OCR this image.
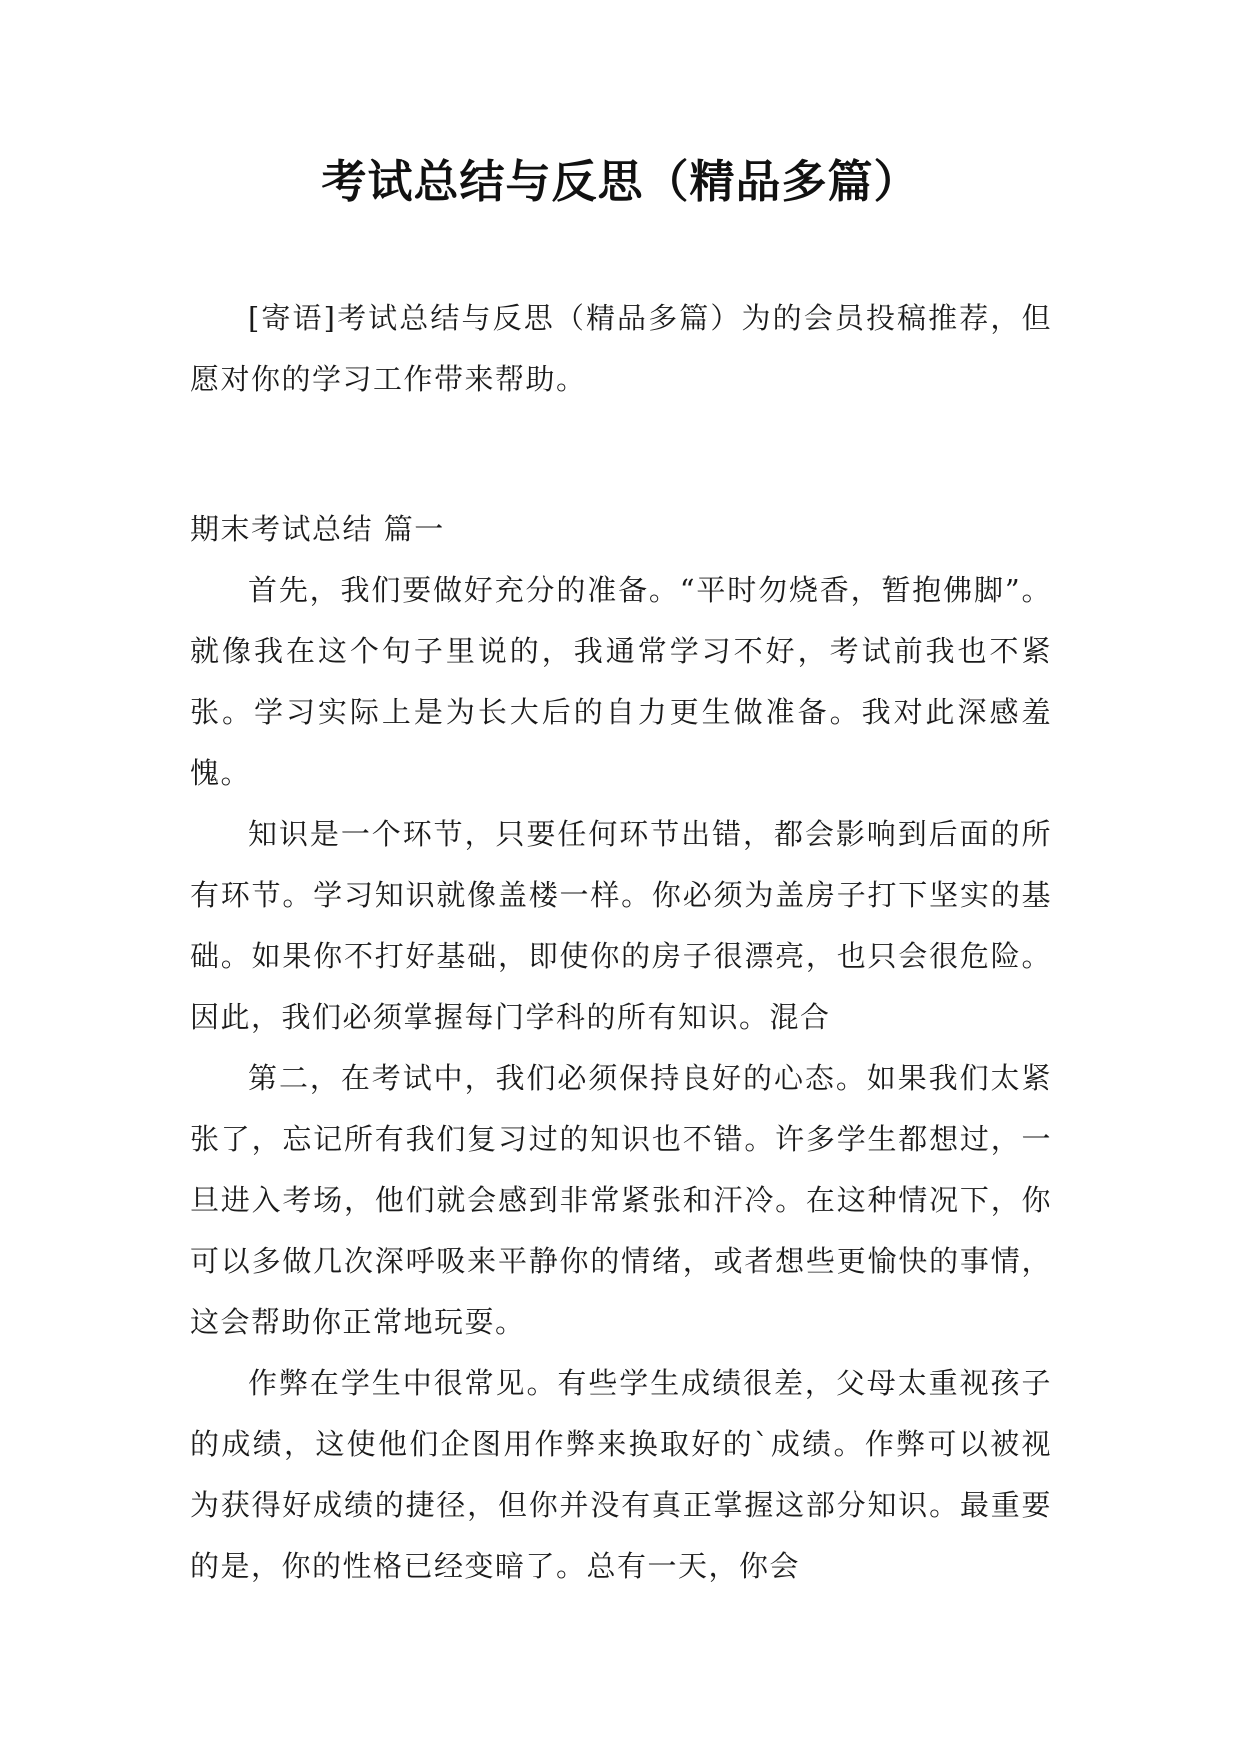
考试总结与反思（精品多篇）

[寄语]考试总结与反思（精品多篇）为的会员投稿推荐，但愿对你的学习工作带来帮助。

期末考试总结 篇一

首先，我们要做好充分的准备。“平时勿烧香，暂抱佛脚”。就像我在这个句子里说的，我通常学习不好，考试前我也不紧张。学习实际上是为长大后的自力更生做准备。我对此深感羞愧。

知识是一个环节，只要任何环节出错，都会影响到后面的所有环节。学习知识就像盖楼一样。你必须为盖房子打下坚实的基础。如果你不打好基础，即使你的房子很漂亮，也只会很危险。因此，我们必须掌握每门学科的所有知识。混合

第二，在考试中，我们必须保持良好的心态。如果我们太紧张了，忘记所有我们复习过的知识也不错。许多学生都想过，一旦进入考场，他们就会感到非常紧张和汗冷。在这种情况下，你可以多做几次深呼吸来平静你的情绪，或者想些更愉快的事情，这会帮助你正常地玩耍。

作弊在学生中很常见。有些学生成绩很差，父母太重视孩子的成绩，这使他们企图用作弊来换取好的`成绩。作弊可以被视为获得好成绩的捷径，但你并没有真正掌握这部分知识。最重要的是，你的性格已经变暗了。总有一天，你会
